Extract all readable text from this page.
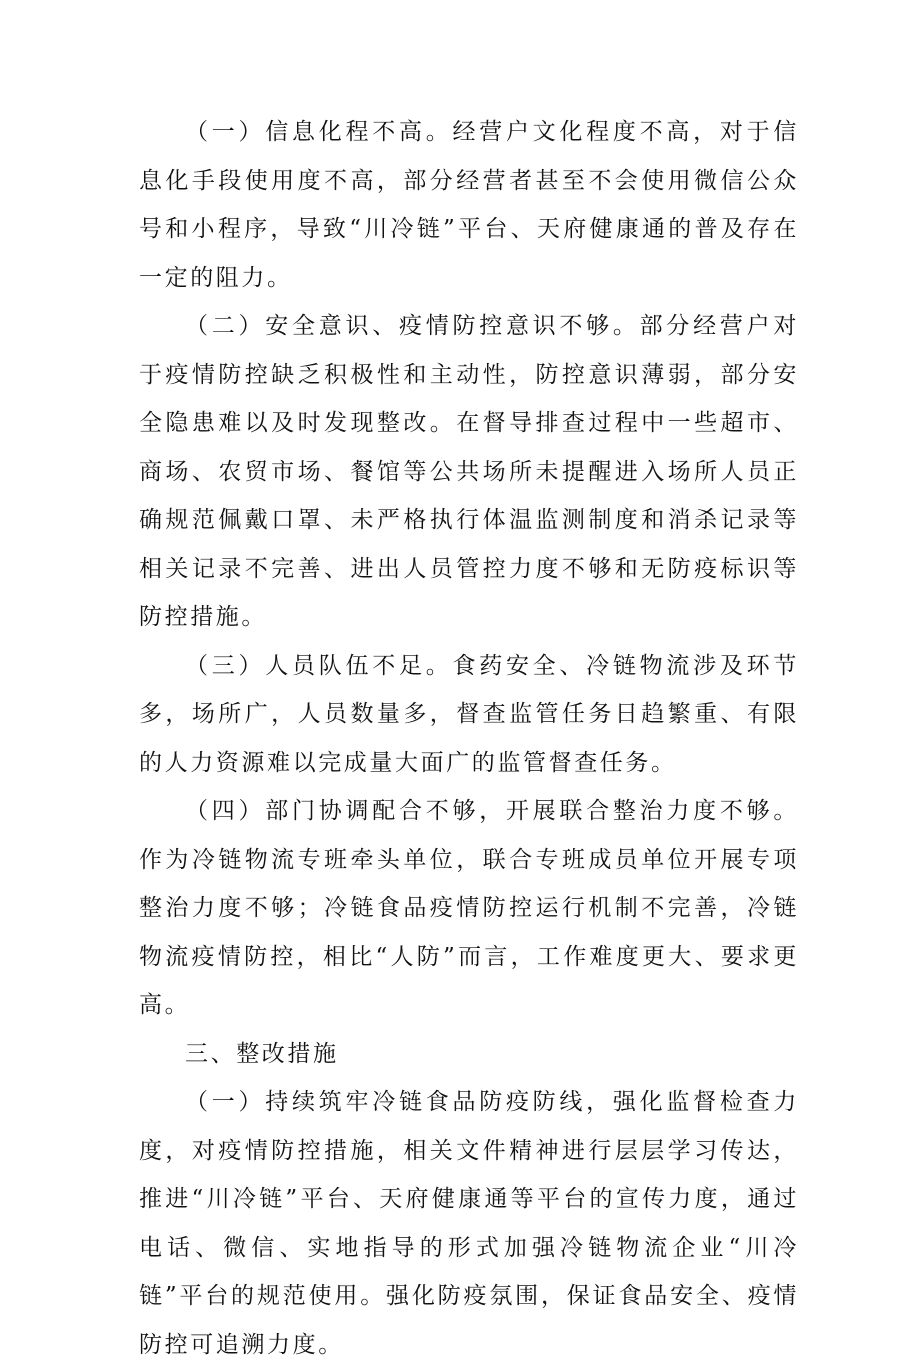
（一）信息化程不高。经营户文化程度不高，对于信息化手段使用度不高，部分经营者甚至不会使用微信公众号和小程序，导致“川冷链”平台、天府健康通的普及存在一定的阻力。

（二）安全意识、疫情防控意识不够。部分经营户对于疫情防控缺乏积极性和主动性，防控意识薄弱，部分安全隐患难以及时发现整改。在督导排查过程中一些超市、商场、农贸市场、餐馆等公共场所未提醒进入场所人员正确规范佩戴口罩、未严格执行体温监测制度和消杀记录等相关记录不完善、进出人员管控力度不够和无防疫标识等防控措施。

（三）人员队伍不足。食药安全、冷链物流涉及环节多，场所广，人员数量多，督查监管任务日趋繁重、有限的人力资源难以完成量大面广的监管督查任务。

（四）部门协调配合不够，开展联合整治力度不够。作为冷链物流专班牵头单位，联合专班成员单位开展专项整治力度不够；冷链食品疫情防控运行机制不完善，冷链物流疫情防控，相比“人防”而言，工作难度更大、要求更高。

三、整改措施

（一）持续筑牢冷链食品防疫防线，强化监督检查力度，对疫情防控措施，相关文件精神进行层层学习传达，推进“川冷链”平台、天府健康通等平台的宣传力度，通过电话、微信、实地指导的形式加强冷链物流企业“川冷链”平台的规范使用。强化防疫氛围，保证食品安全、疫情防控可追溯力度。
